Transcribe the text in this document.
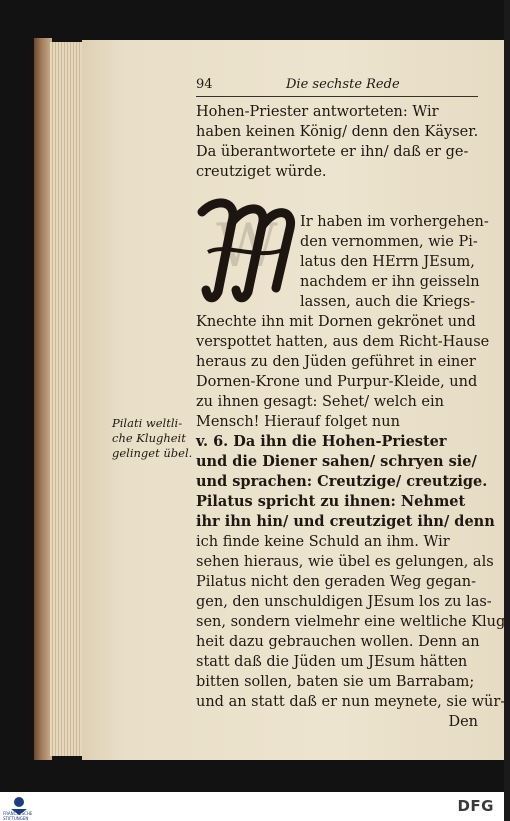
94	Die sechste Rede
Hohen-Priester antworteten: Wir
haben keinen König/ denn den Käyser.
Da überantwortete er ihn/ daß er ge-
creutziget würde.
W Ir haben im vorhergehen-
den vernommen, wie Pi-
latus den HErrn JEsum,
nachdem er ihn geisseln
lassen, auch die Kriegs-
Knechte ihn mit Dornen gekrönet und
verspottet hatten, aus dem Richt-Hause
heraus zu den Jüden geführet in einer
Dornen-Krone und Purpur-Kleide, und
zu ihnen gesagt: Sehet/ welch ein
Mensch! Hierauf folget nun
v. 6. Da ihn die Hohen-Priester
und die Diener sahen/ schryen sie/
und sprachen: Creutzige/ creutzige.
Pilatus spricht zu ihnen: Nehmet
ihr ihn hin/ und creutziget ihn/ denn
ich finde keine Schuld an ihm. Wir
sehen hieraus, wie übel es gelungen, als
Pilatus nicht den geraden Weg gegan-
gen, den unschuldigen JEsum los zu las-
sen, sondern vielmehr eine weltliche Klug-
heit dazu gebrauchen wollen. Denn an
statt daß die Jüden um JEsum hätten
bitten sollen, baten sie um Barrabam;
und an statt daß er nun meynete, sie wür-
Den
Pilati weltli-
che Klugheit
gelinget übel.
FRANCKESCHE STIFTUNGEN
DFG
